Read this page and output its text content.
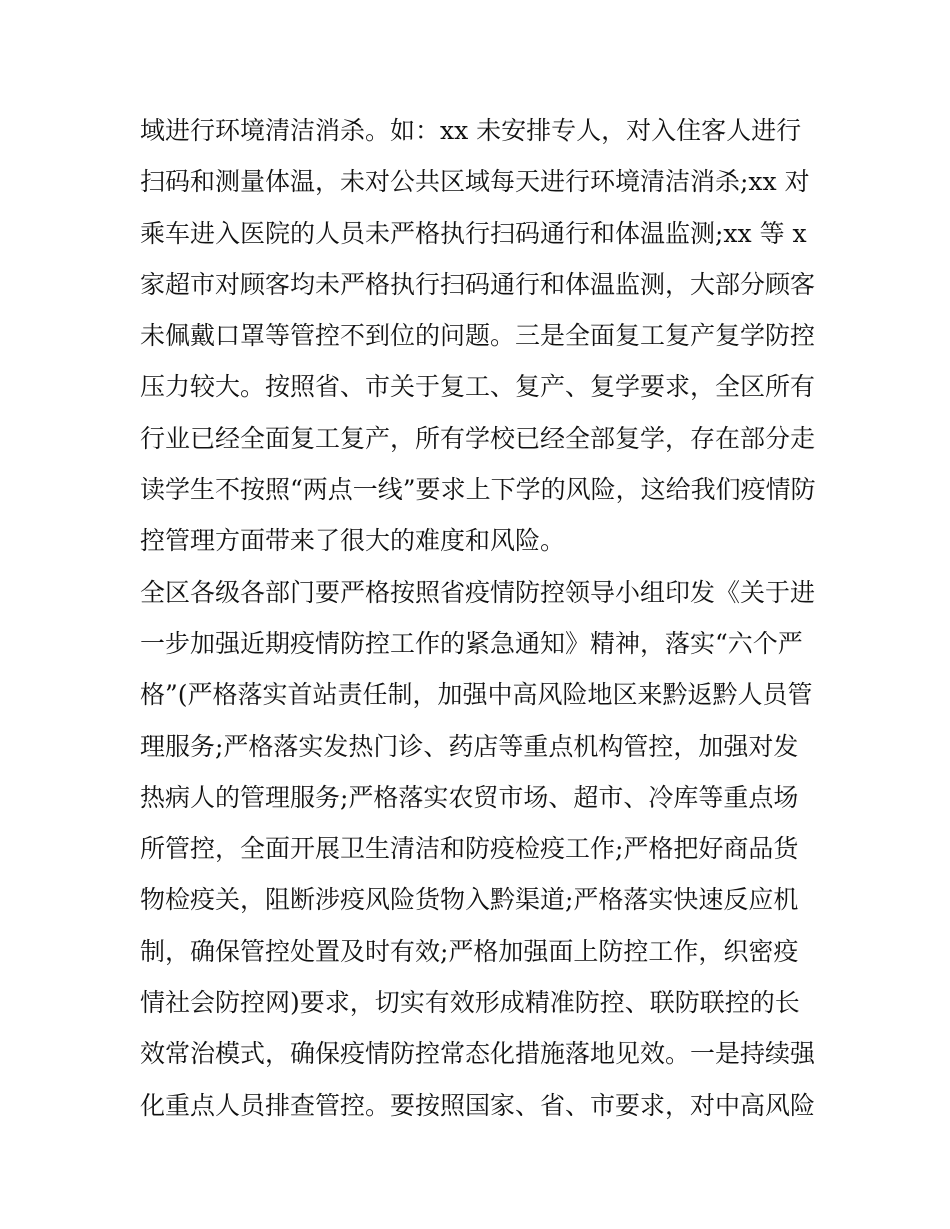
域进行环境清洁消杀。如：xx 未安排专人，对入住客人进行
扫码和测量体温，未对公共区域每天进行环境清洁消杀;xx 对
乘车进入医院的人员未严格执行扫码通行和体温监测;xx 等 x
家超市对顾客均未严格执行扫码通行和体温监测，大部分顾客
未佩戴口罩等管控不到位的问题。三是全面复工复产复学防控
压力较大。按照省、市关于复工、复产、复学要求，全区所有
行业已经全面复工复产，所有学校已经全部复学，存在部分走
读学生不按照“两点一线”要求上下学的风险，这给我们疫情防
控管理方面带来了很大的难度和风险。
全区各级各部门要严格按照省疫情防控领导小组印发《关于进
一步加强近期疫情防控工作的紧急通知》精神，落实“六个严
格”(严格落实首站责任制，加强中高风险地区来黔返黔人员管
理服务;严格落实发热门诊、药店等重点机构管控，加强对发
热病人的管理服务;严格落实农贸市场、超市、冷库等重点场
所管控，全面开展卫生清洁和防疫检疫工作;严格把好商品货
物检疫关，阻断涉疫风险货物入黔渠道;严格落实快速反应机
制，确保管控处置及时有效;严格加强面上防控工作，织密疫
情社会防控网)要求，切实有效形成精准防控、联防联控的长
效常治模式，确保疫情防控常态化措施落地见效。一是持续强
化重点人员排查管控。要按照国家、省、市要求，对中高风险
